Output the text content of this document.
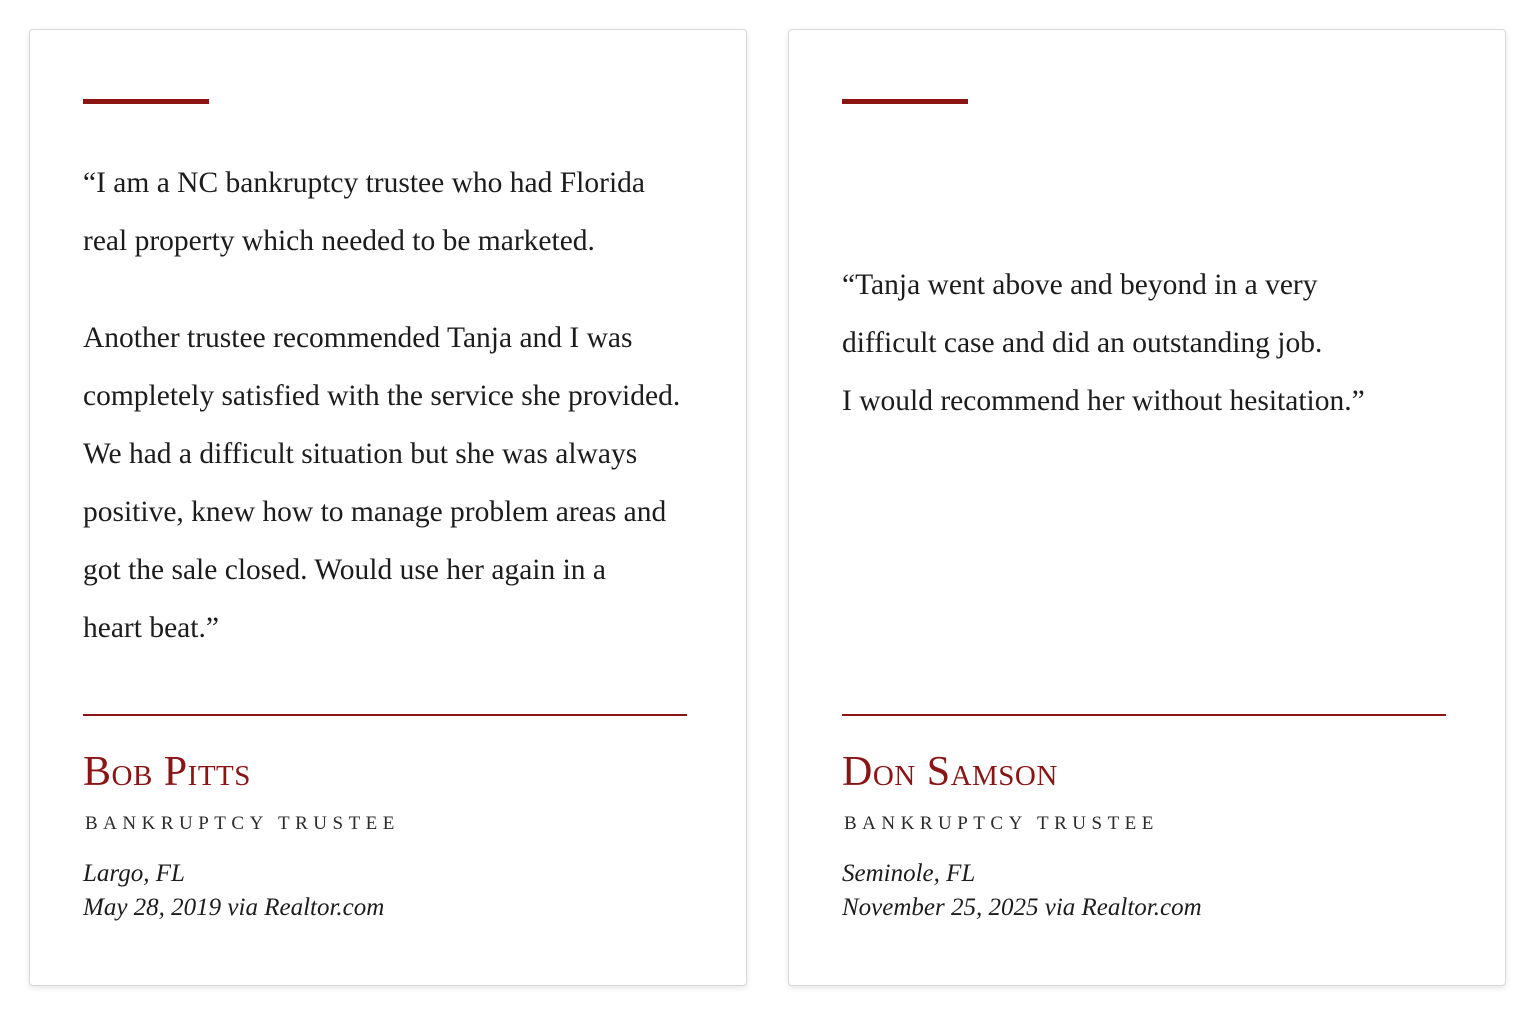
“I am a NC bankruptcy trustee who had Florida
real property which needed to be marketed.

Another trustee recommended Tanja and I was
completely satisfied with the service she provided.
We had a difficult situation but she was always
positive, knew how to manage problem areas and
got the sale closed. Would use her again in a
heart beat.”

Bob Pitts
BANKRUPTCY TRUSTEE
Largo, FL
May 28, 2019 via Realtor.com

“Tanja went above and beyond in a very
difficult case and did an outstanding job.
I would recommend her without hesitation.”

Don Samson
BANKRUPTCY TRUSTEE
Seminole, FL
November 25, 2025 via Realtor.com
